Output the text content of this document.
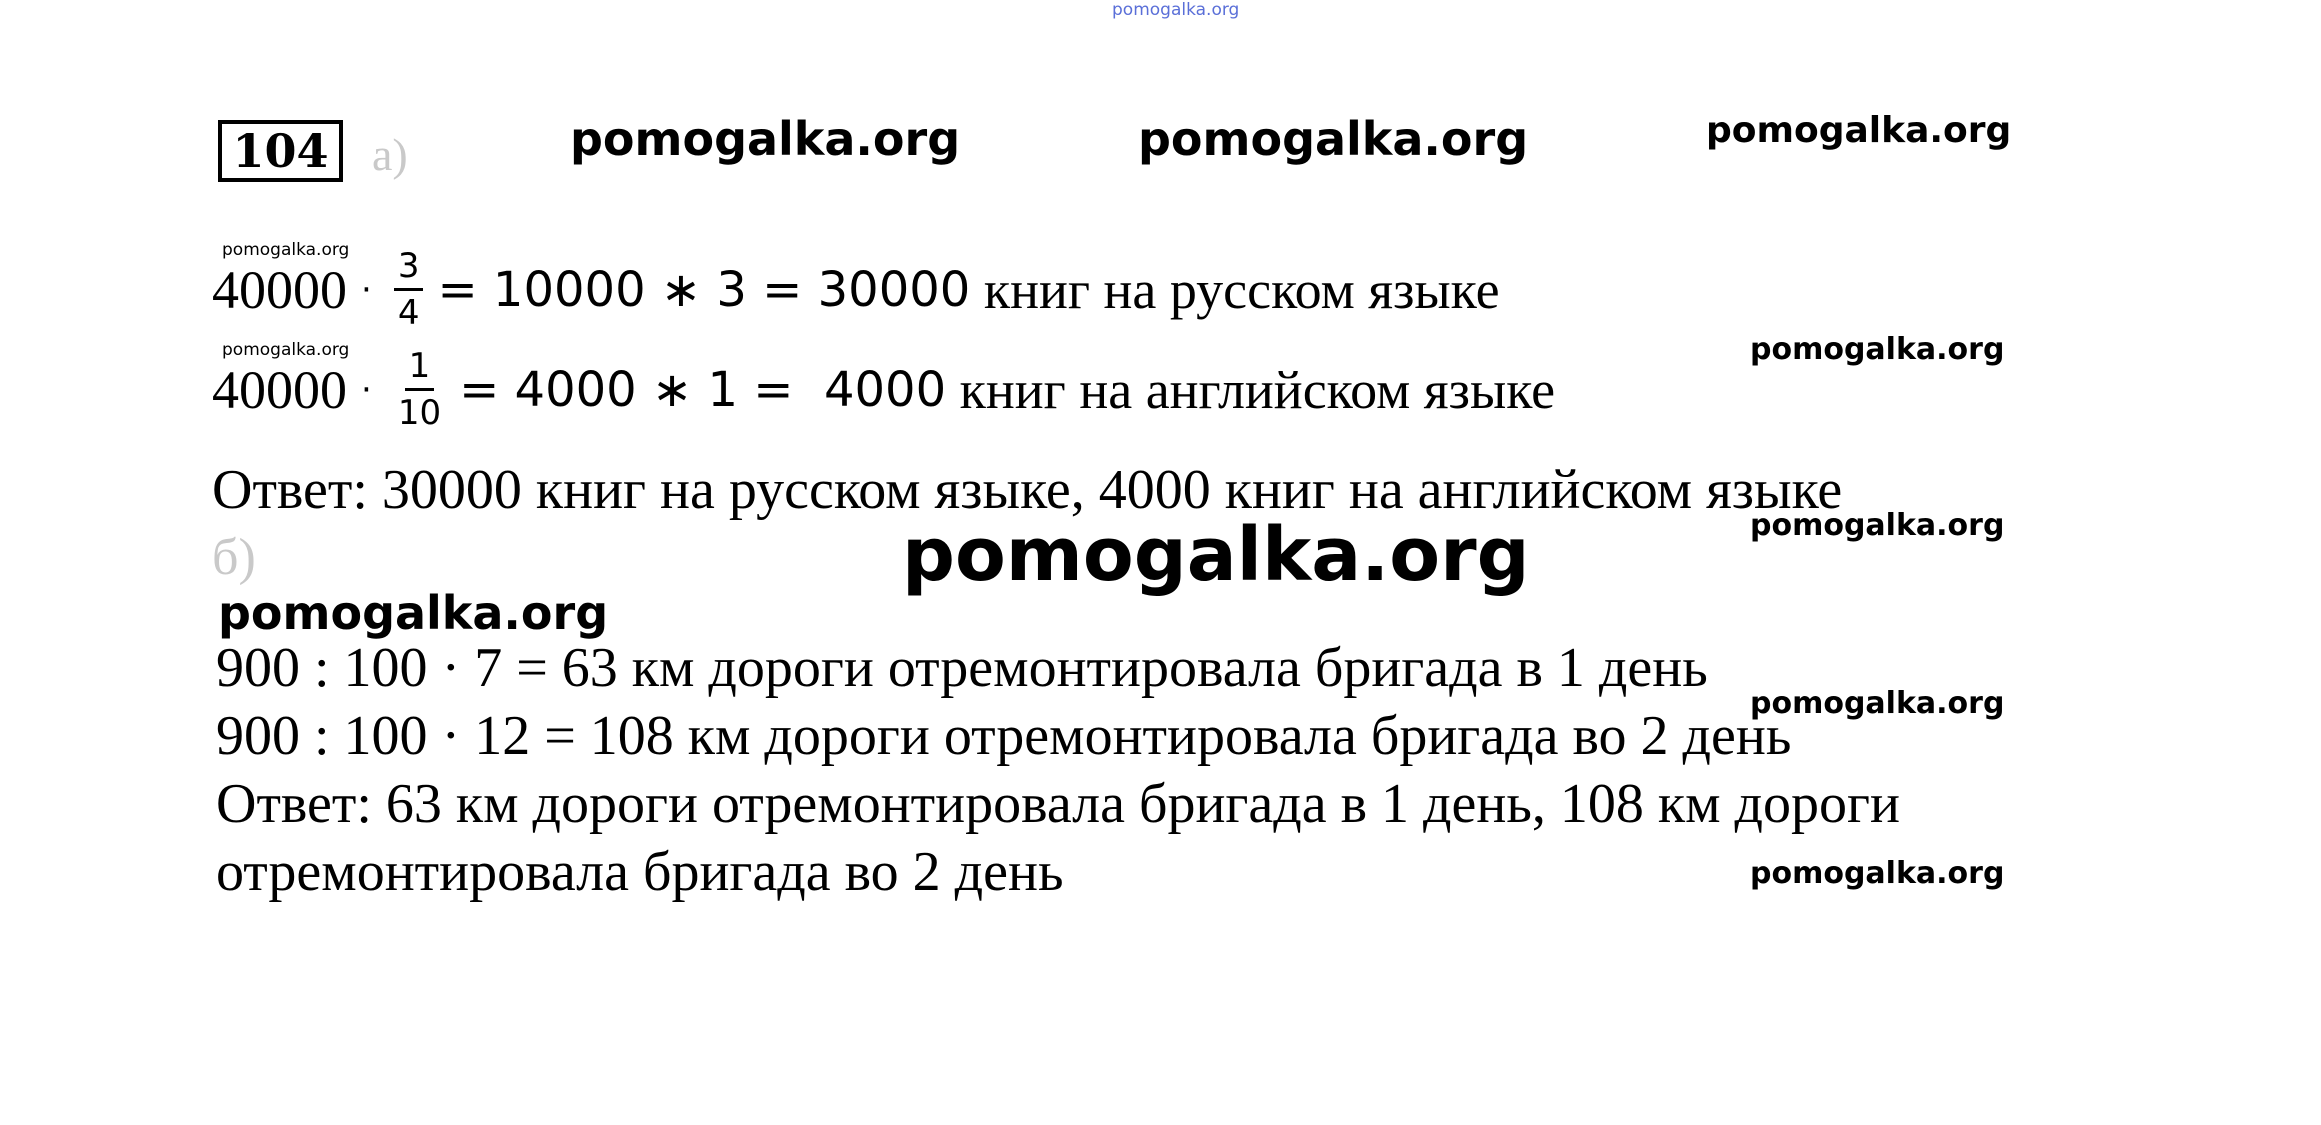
pomogalka.org
104 а)	pomogalka.org	pomogalka.org	pomogalka.org
pomogalka.org
pomogalka.org
$40000 \cdot \frac{3}{4} = 10000$ ∗ 3 = 30000 книг на русском языке
pomogalka.org
$40000 \cdot \frac{1}{10} = 4000$ ∗ 1 =  4000 книг на английском языке
Ответ: 30000 книг на русском языке, 4000 книг на английском языке
pomogalka.org
б)	pomogalka.org
pomogalka.org
900 : 100 · 7 = 63 км дороги отремонтировала бригада в 1 день
pomogalka.org
900 : 100 · 12 = 108 км дороги отремонтировала бригада во 2 день
Ответ: 63 км дороги отремонтировала бригада в 1 день, 108 км дороги
отремонтировала бригада во 2 день	pomogalka.org
